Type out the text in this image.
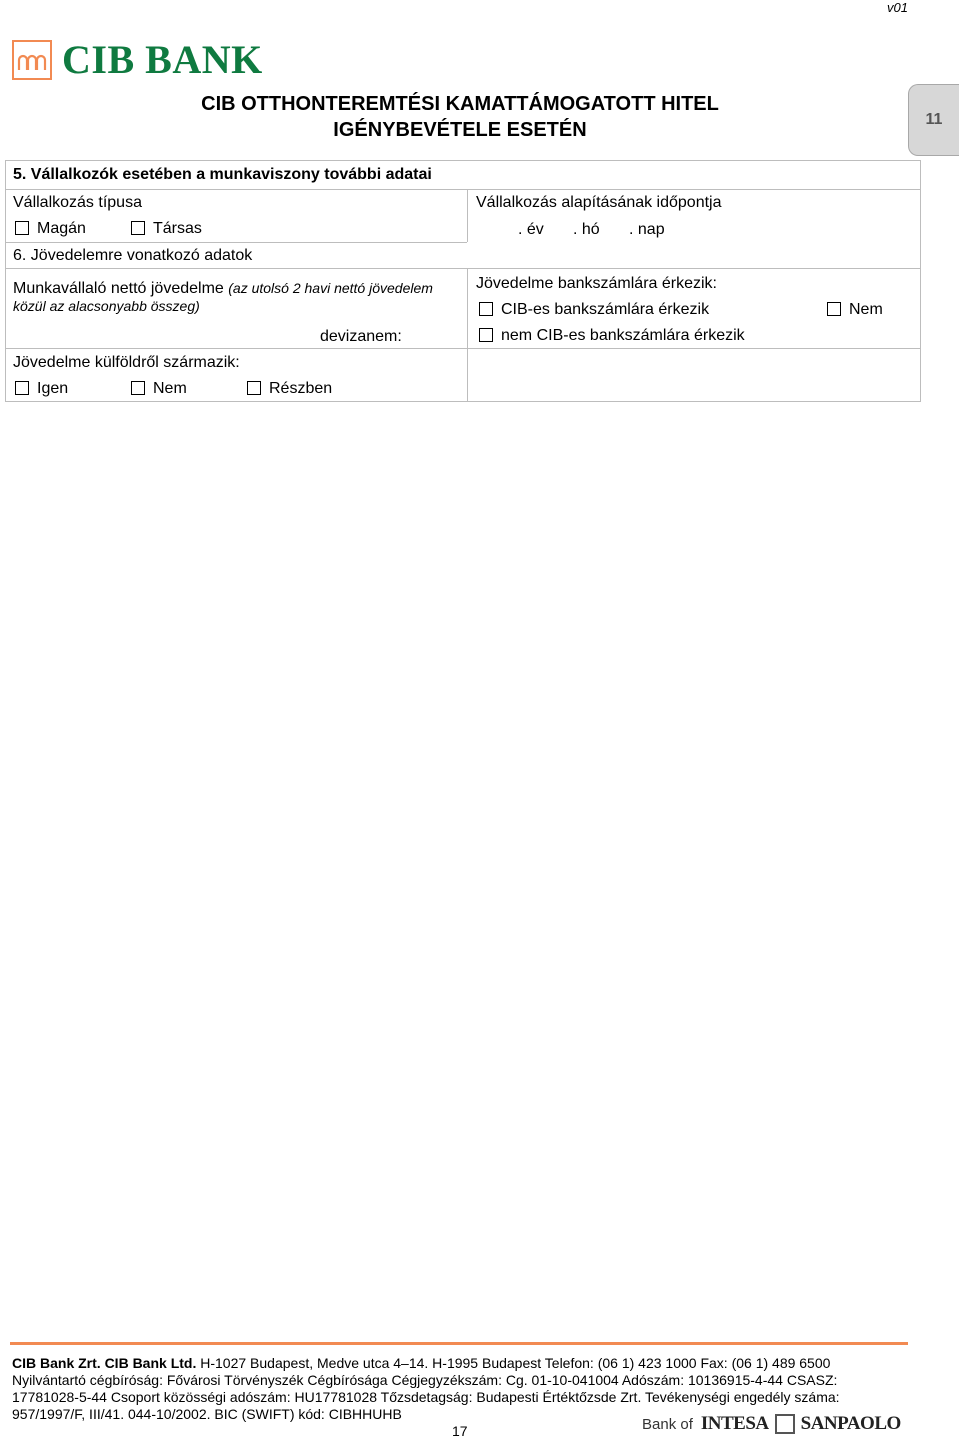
v01
CIB BANK
CIB OTTHONTEREMTÉSI KAMATTÁMOGATOTT HITEL
IGÉNYBEVÉTELE ESETÉN	11
5. Vállalkozók esetében a munkaviszony további adatai
Vállalkozás típusa
Magán	Társas
Vállalkozás alapításának időpontja
. év . hó . nap
6. Jövedelemre vonatkozó adatok
Munkavállaló nettó jövedelme (az utolsó 2 havi nettó jövedelem
közül az alacsonyabb összeg)
devizanem:
Jövedelme bankszámlára érkezik:
CIB-es bankszámlára érkezik	Nem
nem CIB-es bankszámlára érkezik
Jövedelme külföldről származik:
Igen	Nem	Részben
CIB Bank Zrt. CIB Bank Ltd. H-1027 Budapest, Medve utca 4–14. H-1995 Budapest Telefon: (06 1) 423 1000 Fax: (06 1) 489 6500
Nyilvántartó cégbíróság: Fővárosi Törvényszék Cégbírósága Cégjegyzékszám: Cg. 01-10-041004 Adószám: 10136915-4-44 CSASZ:
17781028-5-44 Csoport közösségi adószám: HU17781028 Tőzsdetagság: Budapesti Értéktőzsde Zrt. Tevékenységi engedély száma:
957/1997/F, III/41. 044-10/2002. BIC (SWIFT) kód: CIBHHUHB
17	Bank of INTESA SANPAOLO
